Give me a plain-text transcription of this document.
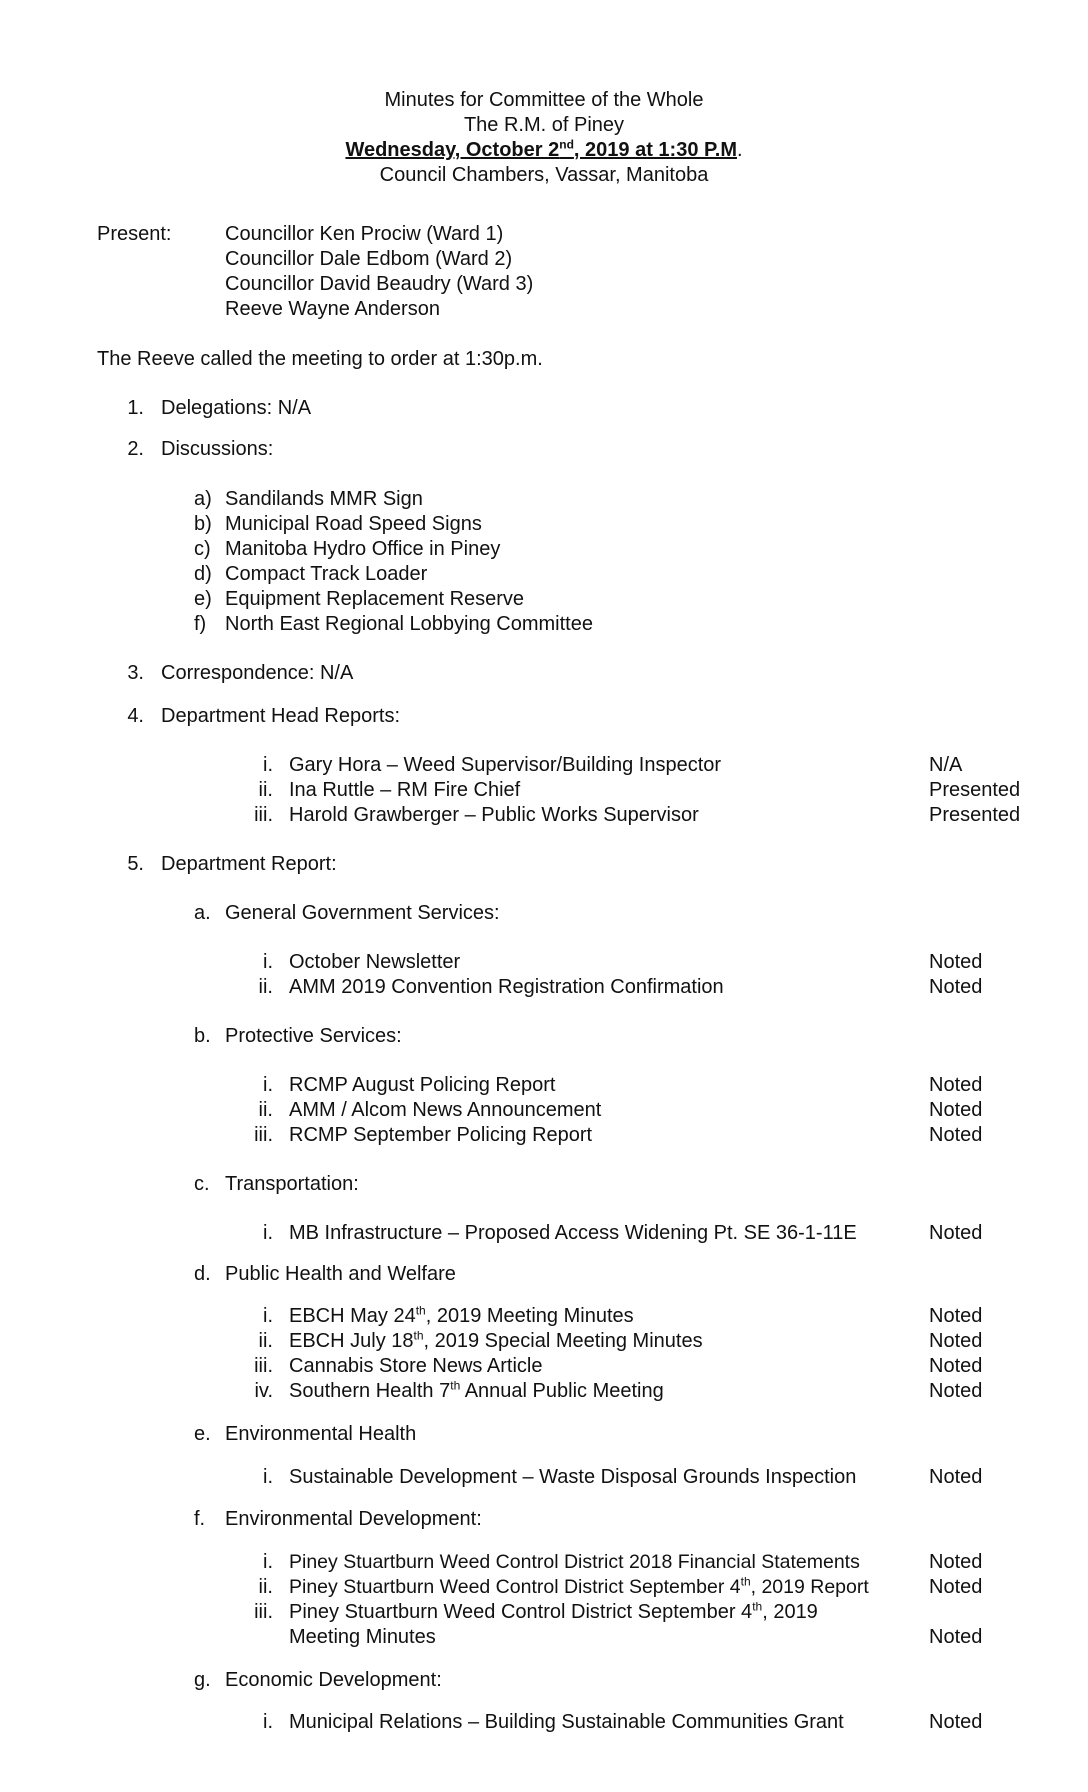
Minutes for Committee of the Whole
The R.M. of Piney
Wednesday, October 2nd, 2019 at 1:30 P.M.
Council Chambers, Vassar, Manitoba
Present:	Councillor Ken Prociw (Ward 1)
Councillor Dale Edbom (Ward 2)
Councillor David Beaudry (Ward 3)
Reeve Wayne Anderson
The Reeve called the meeting to order at 1:30p.m.
1. Delegations: N/A
2. Discussions:
a) Sandilands MMR Sign
b) Municipal Road Speed Signs
c) Manitoba Hydro Office in Piney
d) Compact Track Loader
e) Equipment Replacement Reserve
f) North East Regional Lobbying Committee
3. Correspondence: N/A
4. Department Head Reports:
i. Gary Hora – Weed Supervisor/Building Inspector	N/A
ii. Ina Ruttle – RM Fire Chief	Presented
iii. Harold Grawberger – Public Works Supervisor	Presented
5. Department Report:
a. General Government Services:
i. October Newsletter	Noted
ii. AMM 2019 Convention Registration Confirmation	Noted
b. Protective Services:
i. RCMP August Policing Report	Noted
ii. AMM / Alcom News Announcement	Noted
iii. RCMP September Policing Report	Noted
c. Transportation:
i. MB Infrastructure – Proposed Access Widening Pt. SE 36-1-11E	Noted
d. Public Health and Welfare
i. EBCH May 24th, 2019 Meeting Minutes	Noted
ii. EBCH July 18th, 2019 Special Meeting Minutes	Noted
iii. Cannabis Store News Article	Noted
iv. Southern Health 7th Annual Public Meeting	Noted
e. Environmental Health
i. Sustainable Development – Waste Disposal Grounds Inspection	Noted
f. Environmental Development:
i. Piney Stuartburn Weed Control District 2018 Financial Statements	Noted
ii. Piney Stuartburn Weed Control District September 4th, 2019 Report	Noted
iii. Piney Stuartburn Weed Control District September 4th, 2019
Meeting Minutes	Noted
g. Economic Development:
i. Municipal Relations – Building Sustainable Communities Grant	Noted
